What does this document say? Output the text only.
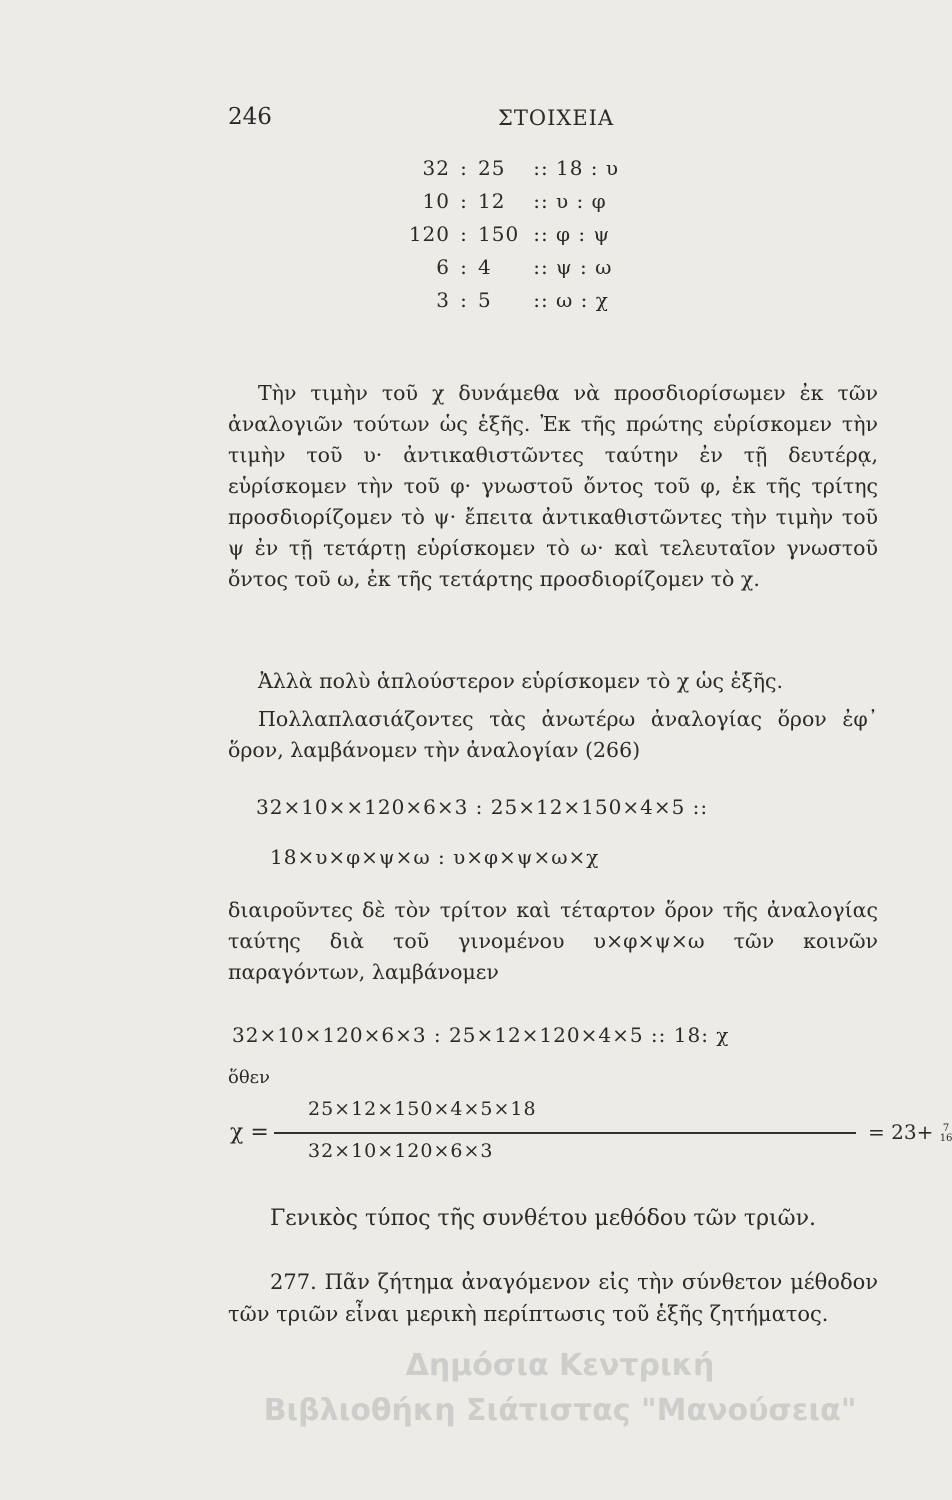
246	ΣΤΟΙΧΕΙΑ
32 : 25 :: 18 : υ
10 : 12 :: υ : φ
120 : 150 :: φ : ψ
6 : 4 :: ψ : ω
3 : 5 :: ω : χ
Τὴν τιμὴν τοῦ χ δυνάμεθα νὰ προσδιορίσωμεν ἐκ τῶν ἀναλογιῶν τούτων ὡς ἑξῆς. Ἐκ τῆς πρώτης εὑρίσκομεν τὴν τιμὴν τοῦ υ· ἀντικαθιστῶντες ταύτην ἐν τῇ δευτέρᾳ, εὑρίσκομεν τὴν τοῦ φ· γνωστοῦ ὄντος τοῦ φ, ἐκ τῆς τρίτης προσδιορίζομεν τὸ ψ· ἔπειτα ἀντικαθιστῶντες τὴν τιμὴν τοῦ ψ ἐν τῇ τετάρτῃ εὑρίσκομεν τὸ ω· καὶ τελευταῖον γνωστοῦ ὄντος τοῦ ω, ἐκ τῆς τετάρτης προσδιορίζομεν τὸ χ.
Ἀλλὰ πολὺ ἁπλούστερον εὑρίσκομεν τὸ χ ὡς ἑξῆς.
Πολλαπλασιάζοντες τὰς ἀνωτέρω ἀναλογίας ὅρον ἐφ᾽ ὅρον, λαμβάνομεν τὴν ἀναλογίαν (266)
32×10××120×6×3 : 25×12×150×4×5 ::
18×υ×φ×ψ×ω : υ×φ×ψ×ω×χ
διαιροῦντες δὲ τὸν τρίτον καὶ τέταρτον ὅρον τῆς ἀναλογίας ταύτης διὰ τοῦ γινομένου υ×φ×ψ×ω τῶν κοινῶν παραγόντων, λαμβάνομεν
32×10×120×6×3 : 25×12×120×4×5 :: 18: χ
ὅθεν
χ =
25×12×150×4×5×18
32×10×120×6×3
= 23+ 7
16
Γενικὸς τύπος τῆς συνθέτου μεθόδου τῶν τριῶν.
277. Πᾶν ζήτημα ἀναγόμενον εἰς τὴν σύνθετον μέθοδον τῶν τριῶν εἶναι μερικὴ περίπτωσις τοῦ ἑξῆς ζητήματος.
Δημόσια Κεντρική
Βιβλιοθήκη Σιάτιστας "Μανούσεια"
